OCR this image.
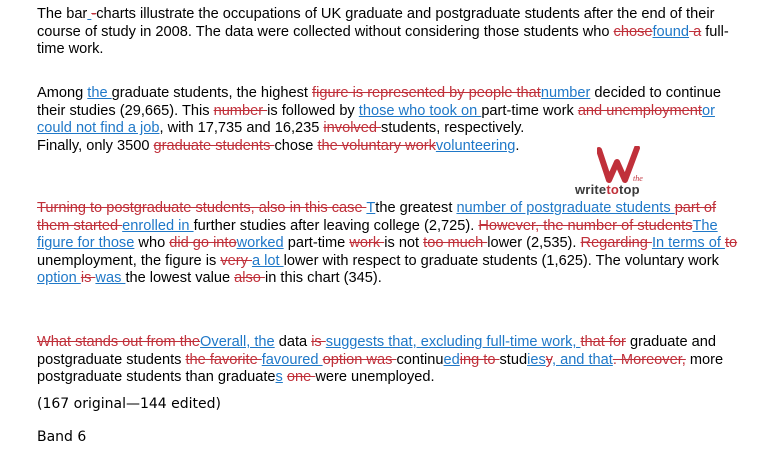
The bar -charts illustrate the occupations of UK graduate and postgraduate students after the end of their course of study in 2008. The data were collected without considering those students who chosefound a full-time work.

Among the graduate students, the highest figure is represented by people thatnumber decided to continue their studies (29,665). This number is followed by those who took on part-time work and unemploymentor could not find a job, with 17,735 and 16,235 involved students, respectively.
Finally, only 3500 graduate students chose the voluntary workvolunteering.

Turning to postgraduate students, also in this case Tthe greatest number of postgraduate students part of them started enrolled in further studies after leaving college (2,725). However, the number of studentsThe figure for those who did go intoworked part-time work is not too much lower (2,535). Regarding In terms of to unemployment, the figure is very a lot lower with respect to graduate students (1,625). The voluntary work option is was the lowest value also in this chart (345).

What stands out from theOverall, the data is suggests that, excluding full-time work, that for graduate and postgraduate students the favorite favoured option was continueding to studiesy, and that. Moreover, more postgraduate students than graduates one were unemployed.

(167 original—144 edited)
Band 6
the
writetotop
